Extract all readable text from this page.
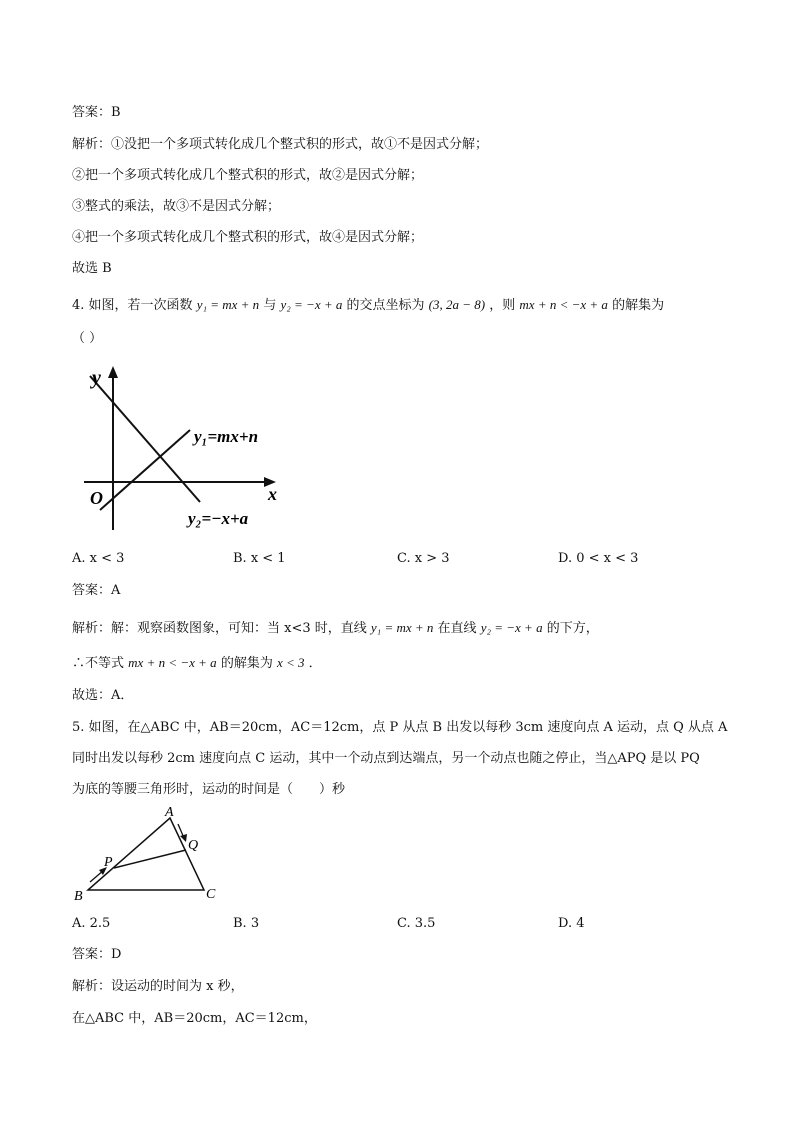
答案：B
解析：①没把一个多项式转化成几个整式积的形式，故①不是因式分解；
②把一个多项式转化成几个整式积的形式，故②是因式分解；
③整式的乘法，故③不是因式分解；
④把一个多项式转化成几个整式积的形式，故④是因式分解；
故选 B
4. 如图，若一次函数 y₁ = mx + n 与 y₂ = −x + a 的交点坐标为 (3, 2a − 8) ，则 mx + n < −x + a 的解集为
（ ）
y
x
O
y₁=mx+n
y₂=−x+a
A. x < 3	B. x < 1	C. x > 3	D. 0 < x < 3
答案：A
解析：解：观察函数图象，可知：当 x<3 时，直线 y₁ = mx + n 在直线 y₂ = −x + a 的下方，
∴不等式 mx + n < −x + a 的解集为 x < 3 ．
故选：A．
5. 如图，在△ABC 中，AB＝20cm，AC＝12cm，点 P 从点 B 出发以每秒 3cm 速度向点 A 运动，点 Q 从点 A
同时出发以每秒 2cm 速度向点 C 运动，其中一个动点到达端点，另一个动点也随之停止，当△APQ 是以 PQ
为底的等腰三角形时，运动的时间是（　　）秒
A
B	C
P
Q
A. 2.5	B. 3	C. 3.5	D. 4
答案：D
解析：设运动的时间为 x 秒，
在△ABC 中，AB＝20cm，AC＝12cm，
